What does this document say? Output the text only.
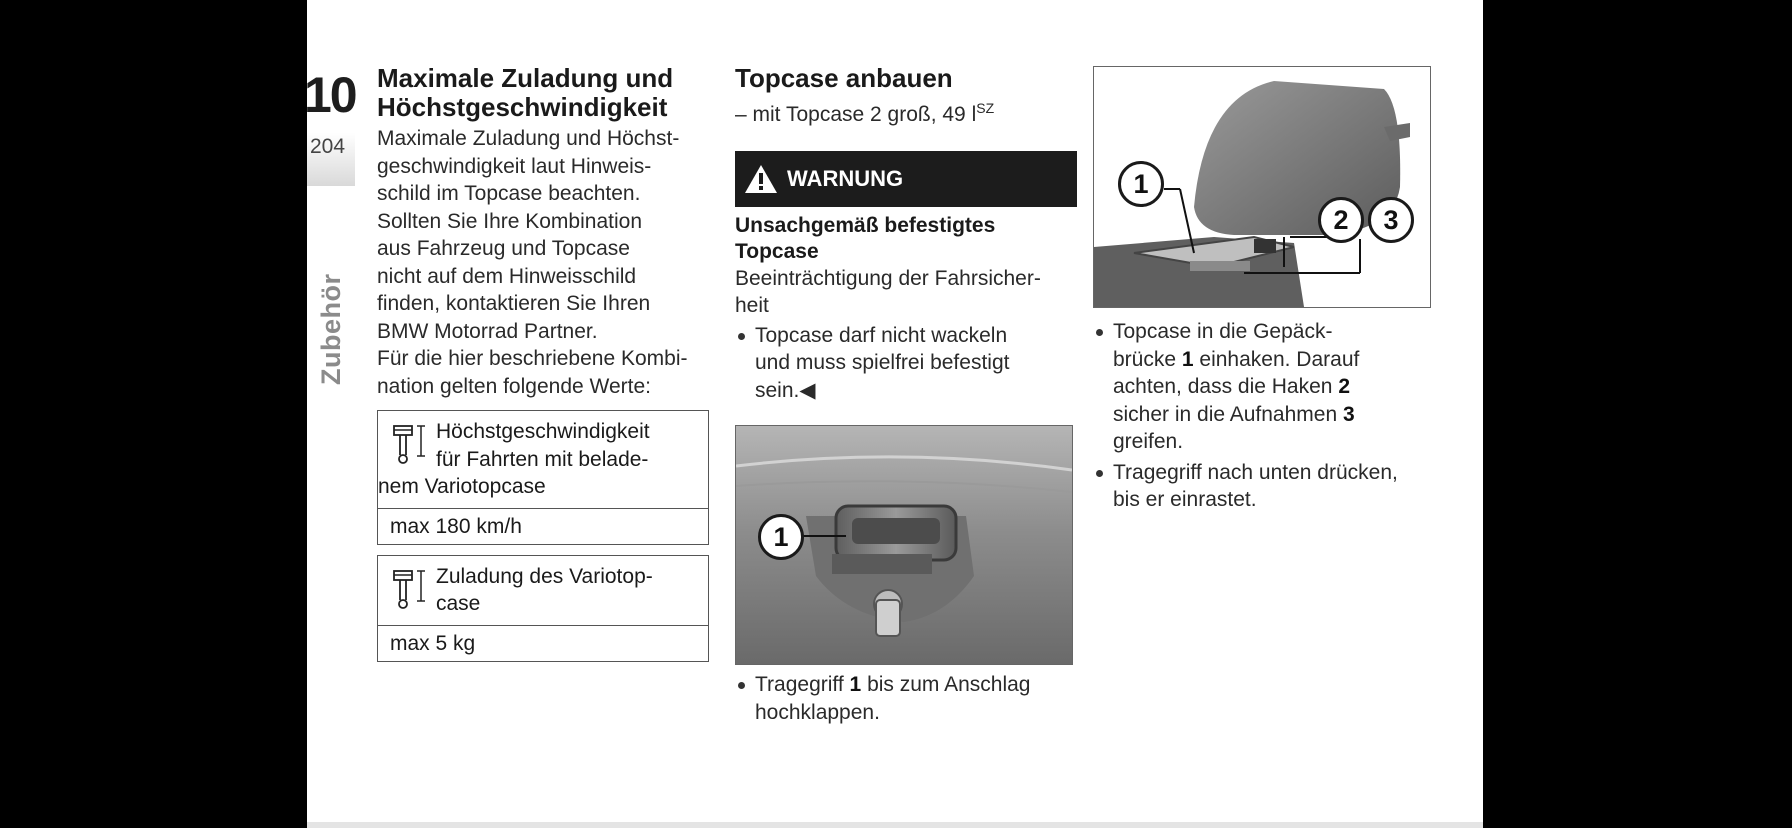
10
204
Zubehör
Maximale Zuladung und
Höchstgeschwindigkeit

Maximale Zuladung und Höchst-

geschwindigkeit laut Hinweis-

schild im Topcase beachten.

Sollten Sie Ihre Kombination

aus Fahrzeug und Topcase

nicht auf dem Hinweisschild

finden, kontaktieren Sie Ihren

BMW Motorrad Partner.

Für die hier beschriebene Kombi-

nation gelten folgende Werte:

Höchstgeschwindigkeit
für Fahrten mit belade-
nem Variotopcase
max 180 km/h
Zuladung des Variotop-
case
max 5 kg
Topcase anbauen
– mit Topcase 2 groß, 49 $l^{SZ}$
WARNUNG
Unsachgemäß befestigtes
Topcase

Beeinträchtigung der Fahrsicher-

heit

Topcase darf nicht wackeln
und muss spielfrei befestigt
sein.◀
1
Tragegriff 1 bis zum Anschlag
hochklappen.
1
2	3
Topcase in die Gepäck-
brücke 1 einhaken. Darauf
achten, dass die Haken 2
sicher in die Aufnahmen 3
greifen.
Tragegriff nach unten drücken,
bis er einrastet.
